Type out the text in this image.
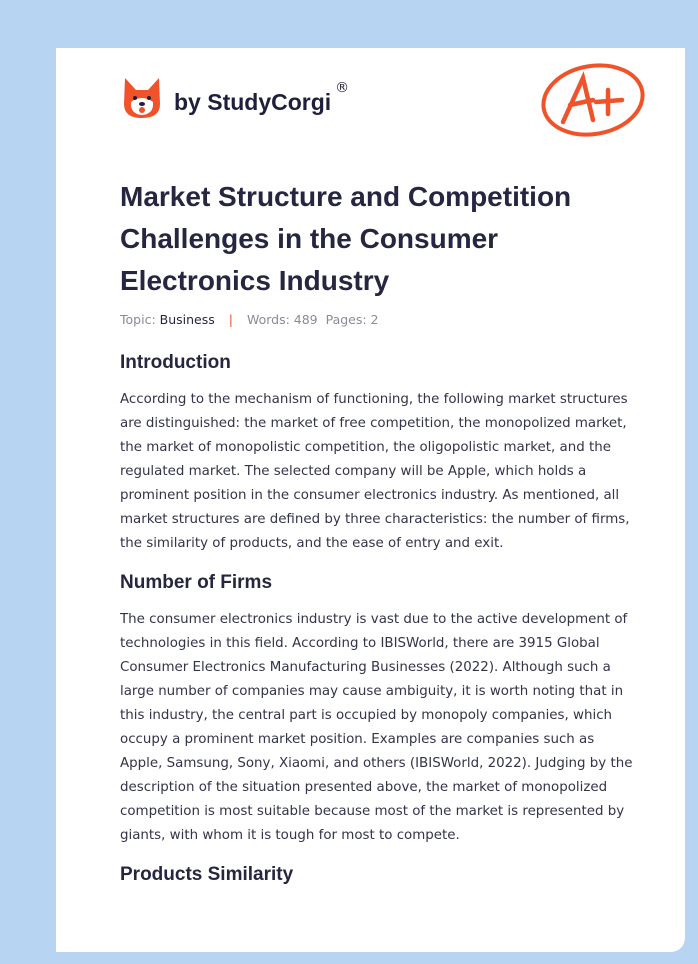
by StudyCorgi
®
Market Structure and Competition Challenges in the Consumer Electronics Industry
Topic: Business | Words: 489 Pages: 2
Introduction

According to the mechanism of functioning, the following market structures are distinguished: the market of free competition, the monopolized market, the market of monopolistic competition, the oligopolistic market, and the regulated market. The selected company will be Apple, which holds a prominent position in the consumer electronics industry. As mentioned, all market structures are defined by three characteristics: the number of firms, the similarity of products, and the ease of entry and exit.

Number of Firms

The consumer electronics industry is vast due to the active development of technologies in this field. According to IBISWorld, there are 3915 Global Consumer Electronics Manufacturing Businesses (2022). Although such a large number of companies may cause ambiguity, it is worth noting that in this industry, the central part is occupied by monopoly companies, which occupy a prominent market position. Examples are companies such as Apple, Samsung, Sony, Xiaomi, and others (IBISWorld, 2022). Judging by the description of the situation presented above, the market of monopolized competition is most suitable because most of the market is represented by giants, with whom it is tough for most to compete.

Products Similarity
